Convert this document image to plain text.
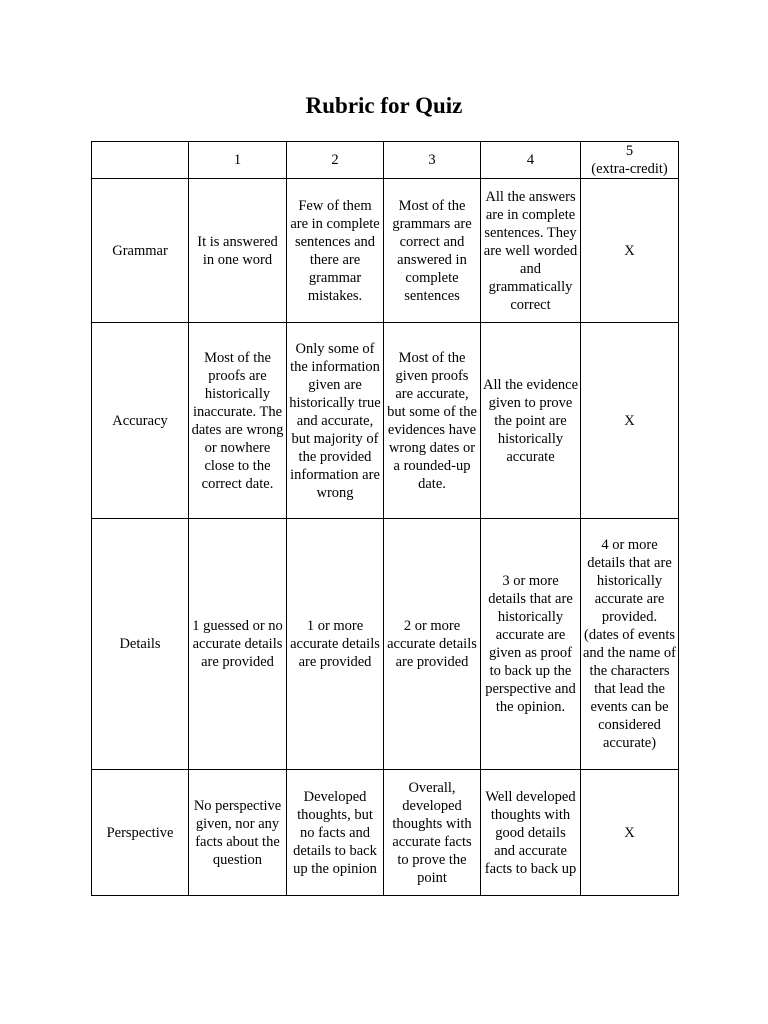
Rubric for Quiz
	1	2	3	4	5
(extra-credit)
Grammar	It is answered in one word	Few of them are in complete sentences and there are grammar mistakes.	Most of the grammars are correct and answered in complete sentences	All the answers are in complete sentences. They are well worded and grammatically correct	X
Accuracy	Most of the proofs are historically inaccurate. The dates are wrong or nowhere close to the correct date.	Only some of the information given are historically true and accurate, but majority of the provided information are wrong	Most of the given proofs are accurate, but some of the evidences have wrong dates or a rounded-up date.	All the evidence given to prove the point are historically accurate	X
Details	1 guessed or no accurate details are provided	1 or more accurate details are provided	2 or more accurate details are provided	3 or more details that are historically accurate are given as proof to back up the perspective and the opinion.	4 or more details that are historically accurate are provided. (dates of events and the name of the characters that lead the events can be considered accurate)
Perspective	No perspective given, nor any facts about the question	Developed thoughts, but no facts and details to back up the opinion	Overall, developed thoughts with accurate facts to prove the point	Well developed thoughts with good details and accurate facts to back up	X
